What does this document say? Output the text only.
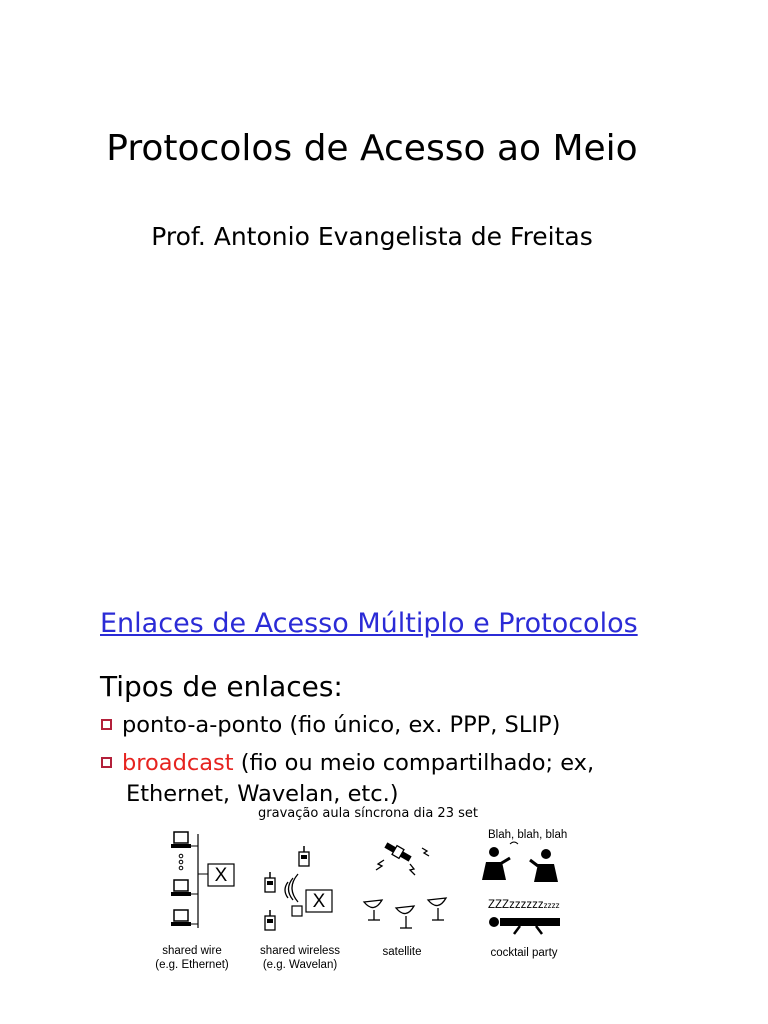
Protocolos de Acesso ao Meio
Prof. Antonio Evangelista de Freitas
Enlaces de Acesso Múltiplo e Protocolos
Tipos de enlaces:
ponto-a-ponto (fio único, ex. PPP, SLIP)
broadcast (fio ou meio compartilhado; ex,
Ethernet, Wavelan, etc.)
gravação aula síncrona dia 23 set
X
shared wire
(e.g. Ethernet)
X
shared wireless
(e.g. Wavelan)
satellite
Blah, blah, blah
ZZZzzzzzzzzzz
cocktail party
